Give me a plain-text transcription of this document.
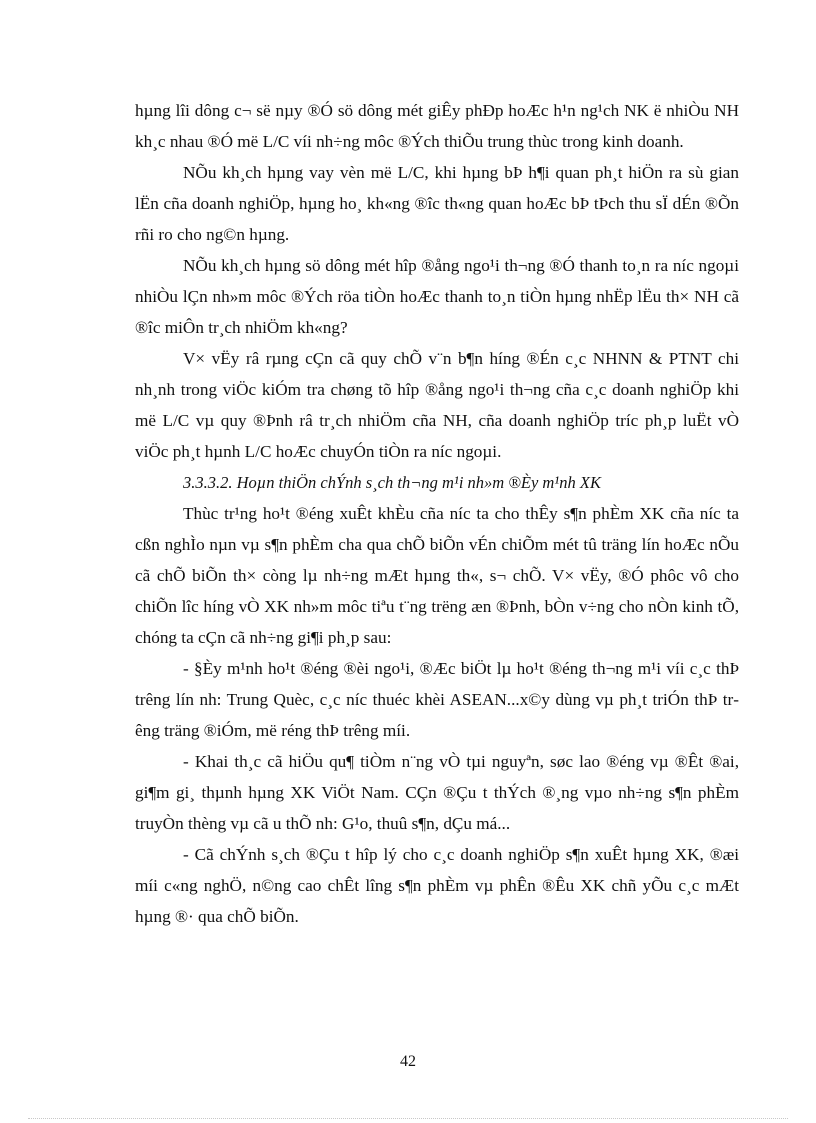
hµng lîi dông c¬ së nµy ®Ó sö dông mét giÊy phÐp hoÆc h¹n ng¹ch NK ë nhiÒu NH kh¸c nhau ®Ó më L/C víi nh÷ng môc ®Ých thiÕu trung thùc trong kinh doanh.

NÕu kh¸ch hµng vay vèn më L/C, khi hµng bÞ h¶i quan ph¸t hiÖn ra sù gian lËn cña doanh nghiÖp, hµng ho¸ kh«ng ®îc th«ng quan hoÆc bÞ tÞch thu sÏ dÉn ®Õn rñi ro cho ng©n hµng.

NÕu kh¸ch hµng sö dông mét hîp ®ång ngo¹i th¬ng ®Ó thanh to¸n ra níc ngoµi nhiÒu lÇn nh»m môc ®Ých röa tiÒn hoÆc thanh to¸n tiÒn hµng nhËp lËu th× NH cã ®îc miÔn tr¸ch nhiÖm kh«ng?

V× vËy râ rµng cÇn cã quy chÕ v¨n b¶n híng ®Én c¸c NHNN & PTNT chi nh¸nh trong viÖc kiÓm tra chøng tõ hîp ®ång ngo¹i th¬ng cña c¸c doanh nghiÖp khi më L/C vµ quy ®Þnh râ tr¸ch nhiÖm cña NH, cña doanh nghiÖp tríc ph¸p luËt vÒ viÖc ph¸t hµnh L/C hoÆc chuyÓn tiÒn ra níc ngoµi.

3.3.3.2. Hoµn thiÖn chÝnh s¸ch th¬ng m¹i nh»m ®Èy m¹nh XK

Thùc tr¹ng ho¹t ®éng xuÊt khÈu cña níc ta cho thÊy s¶n phÈm XK cña níc ta cßn nghÌo nµn vµ s¶n phÈm cha qua chÕ biÕn vÉn chiÕm mét tû träng lín hoÆc nÕu cã chÕ biÕn th× còng lµ nh÷ng mÆt hµng th«, s¬ chÕ. V× vËy, ®Ó phôc vô cho chiÕn lîc híng vÒ XK nh»m môc tiªu t¨ng trëng æn ®Þnh, bÒn v÷ng cho nÒn kinh tÕ, chóng ta cÇn cã nh÷ng gi¶i ph¸p sau:

- §Èy m¹nh ho¹t ®éng ®èi ngo¹i, ®Æc biÖt lµ ho¹t ®éng th¬ng m¹i víi c¸c thÞ trêng lín nh: Trung Quèc, c¸c níc thuéc khèi ASEAN...x©y dùng vµ ph¸t triÓn thÞ trêng träng ®iÓm, më réng thÞ trêng míi.

- Khai th¸c cã hiÖu qu¶ tiÒm n¨ng vÒ tµi nguyªn, søc lao ®éng vµ ®Êt ®ai, gi¶m gi¸ thµnh hµng XK ViÖt Nam. CÇn ®Çu t thÝch ®¸ng vµo nh÷ng s¶n phÈm truyÒn thèng vµ cã u thÕ nh: G¹o, thuû s¶n, dÇu má...

- Cã chÝnh s¸ch ®Çu t hîp lý cho c¸c doanh nghiÖp s¶n xuÊt hµng XK, ®æi míi c«ng nghÖ, n©ng cao chÊt lîng s¶n phÈm vµ phÊn ®Êu XK chñ yÕu c¸c mÆt hµng ®· qua chÕ biÕn.

42
